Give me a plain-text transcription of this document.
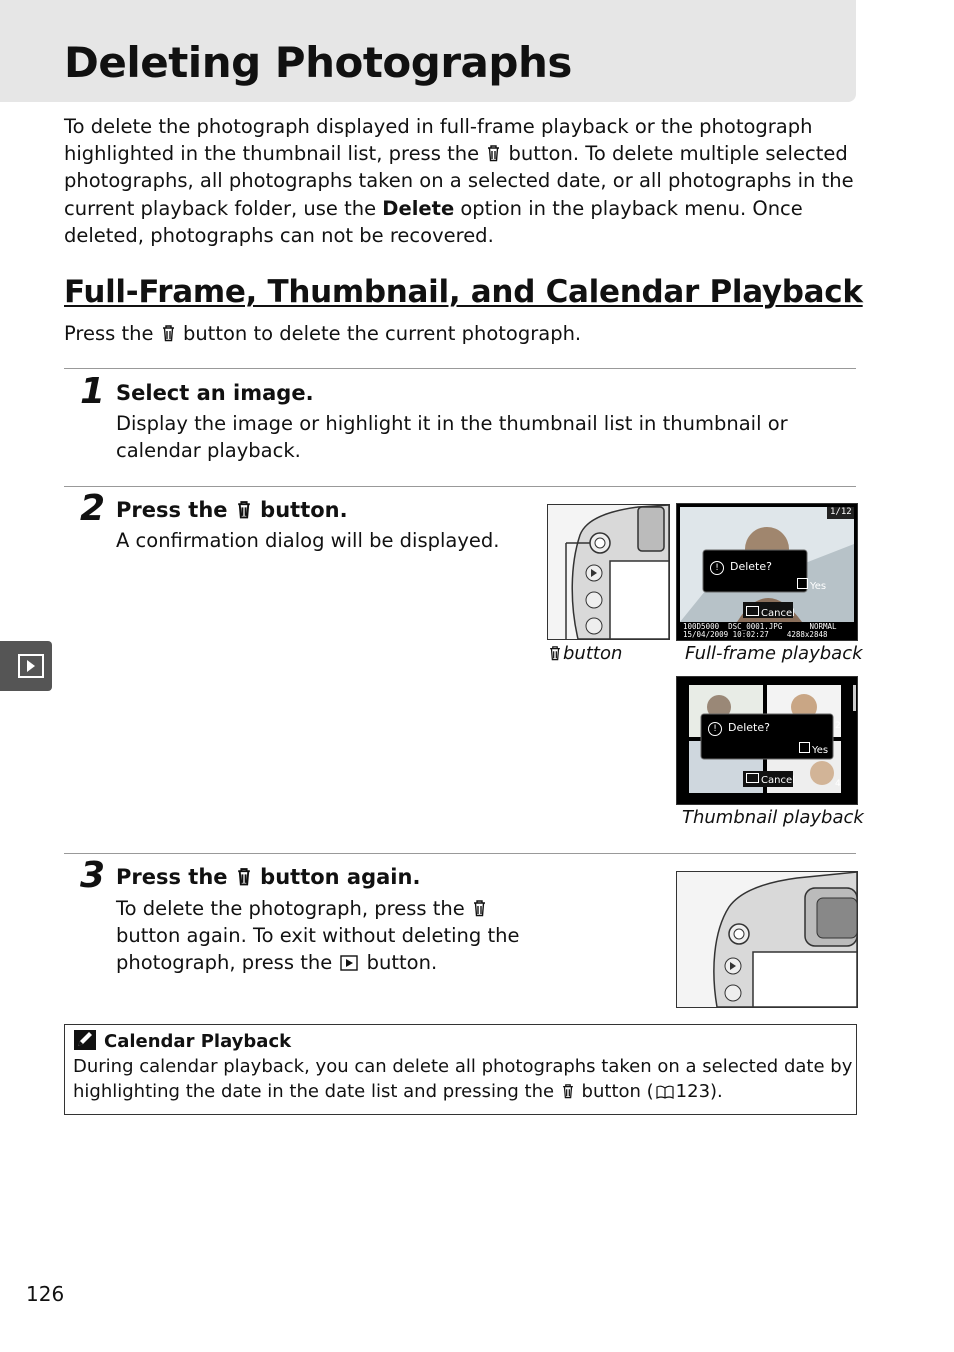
Deleting Photographs
To delete the photograph displayed in full-frame playback or the photograph highlighted in the thumbnail list, press the button. To delete multiple selected photographs, all photographs taken on a selected date, or all photographs in the current playback folder, use the Delete option in the playback menu. Once deleted, photographs can not be recovered.
Full-Frame, Thumbnail, and Calendar Playback
Press the button to delete the current photograph.
1 Select an image.
Display the image or highlight it in the thumbnail list in thumbnail or calendar playback.
2 Press the button.
A confirmation dialog will be displayed.
1/12
! Delete?
Yes
Cancel
100D5000 DSC_0001.JPG	NORMAL
15/04/2009 10:02:27 4288x2848
button	Full-frame playback
! Delete?
Yes
Cancel
2
4
Thumbnail playback
3 Press the button again.
To delete the photograph, press the  button again. To exit without deleting the photograph, press the button.
Calendar Playback
During calendar playback, you can delete all photographs taken on a selected date by highlighting the date in the date list and pressing the button ( 123).
126
